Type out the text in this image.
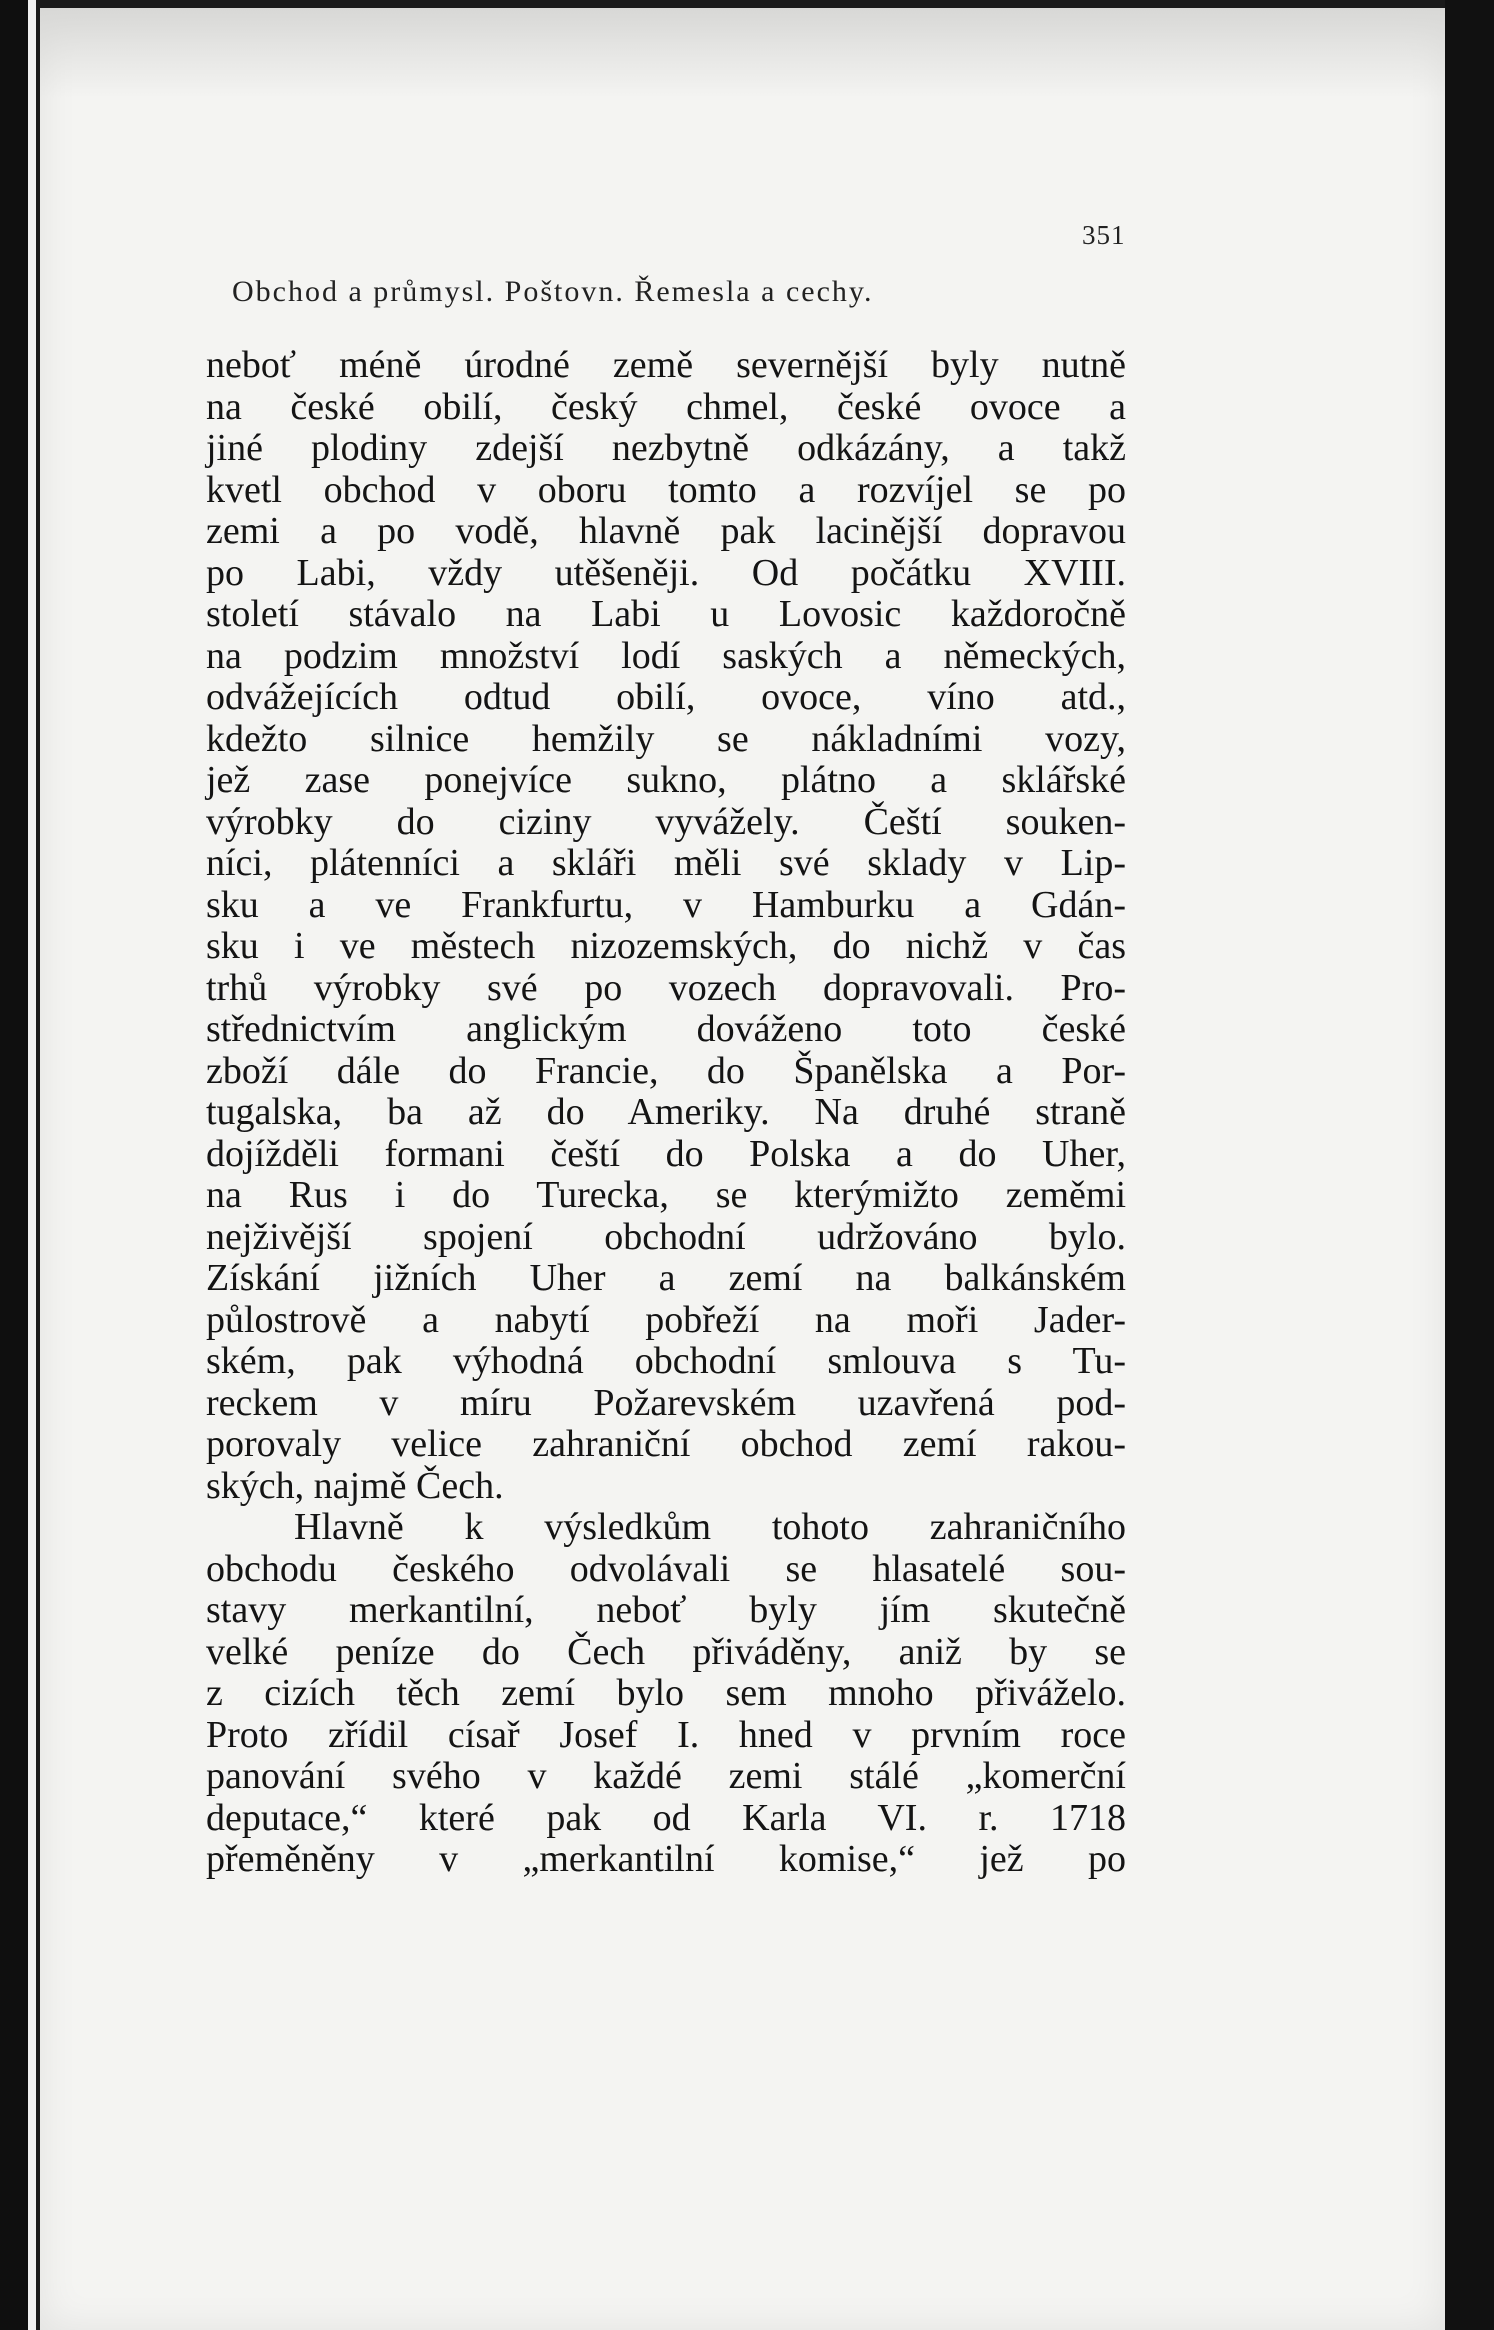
351
Obchod a průmysl. Poštovn. Řemesla a cechy.
neboť méně úrodné země severnější byly nutně
na české obilí, český chmel, české ovoce a
jiné plodiny zdejší nezbytně odkázány, a takž
kvetl obchod v oboru tomto a rozvíjel se po
zemi a po vodě, hlavně pak lacinější dopravou
po Labi, vždy utěšeněji. Od počátku XVIII.
století stávalo na Labi u Lovosic každoročně
na podzim množství lodí saských a německých,
odvážejících odtud obilí, ovoce, víno atd.,
kdežto silnice hemžily se nákladními vozy,
jež zase ponejvíce sukno, plátno a sklářské
výrobky do ciziny vyvážely. Čeští souken-
níci, plátenníci a skláři měli své sklady v Lip-
sku a ve Frankfurtu, v Hamburku a Gdán-
sku i ve městech nizozemských, do nichž v čas
trhů výrobky své po vozech dopravovali. Pro-
střednictvím anglickým dováženo toto české
zboží dále do Francie, do Španělska a Por-
tugalska, ba až do Ameriky. Na druhé straně
dojížděli formani čeští do Polska a do Uher,
na Rus i do Turecka, se kterýmižto zeměmi
nejživější spojení obchodní udržováno bylo.
Získání jižních Uher a zemí na balkánském
půlostrově a nabytí pobřeží na moři Jader-
ském, pak výhodná obchodní smlouva s Tu-
reckem v míru Požarevském uzavřená pod-
porovaly velice zahraniční obchod zemí rakou-
ských, najmě Čech.
Hlavně k výsledkům tohoto zahraničního
obchodu českého odvolávali se hlasatelé sou-
stavy merkantilní, neboť byly jím skutečně
velké peníze do Čech přiváděny, aniž by se
z cizích těch zemí bylo sem mnoho přiváželo.
Proto zřídil císař Josef I. hned v prvním roce
panování svého v každé zemi stálé „komerční
deputace,“ které pak od Karla VI. r. 1718
přeměněny v „merkantilní komise,“ jež po
